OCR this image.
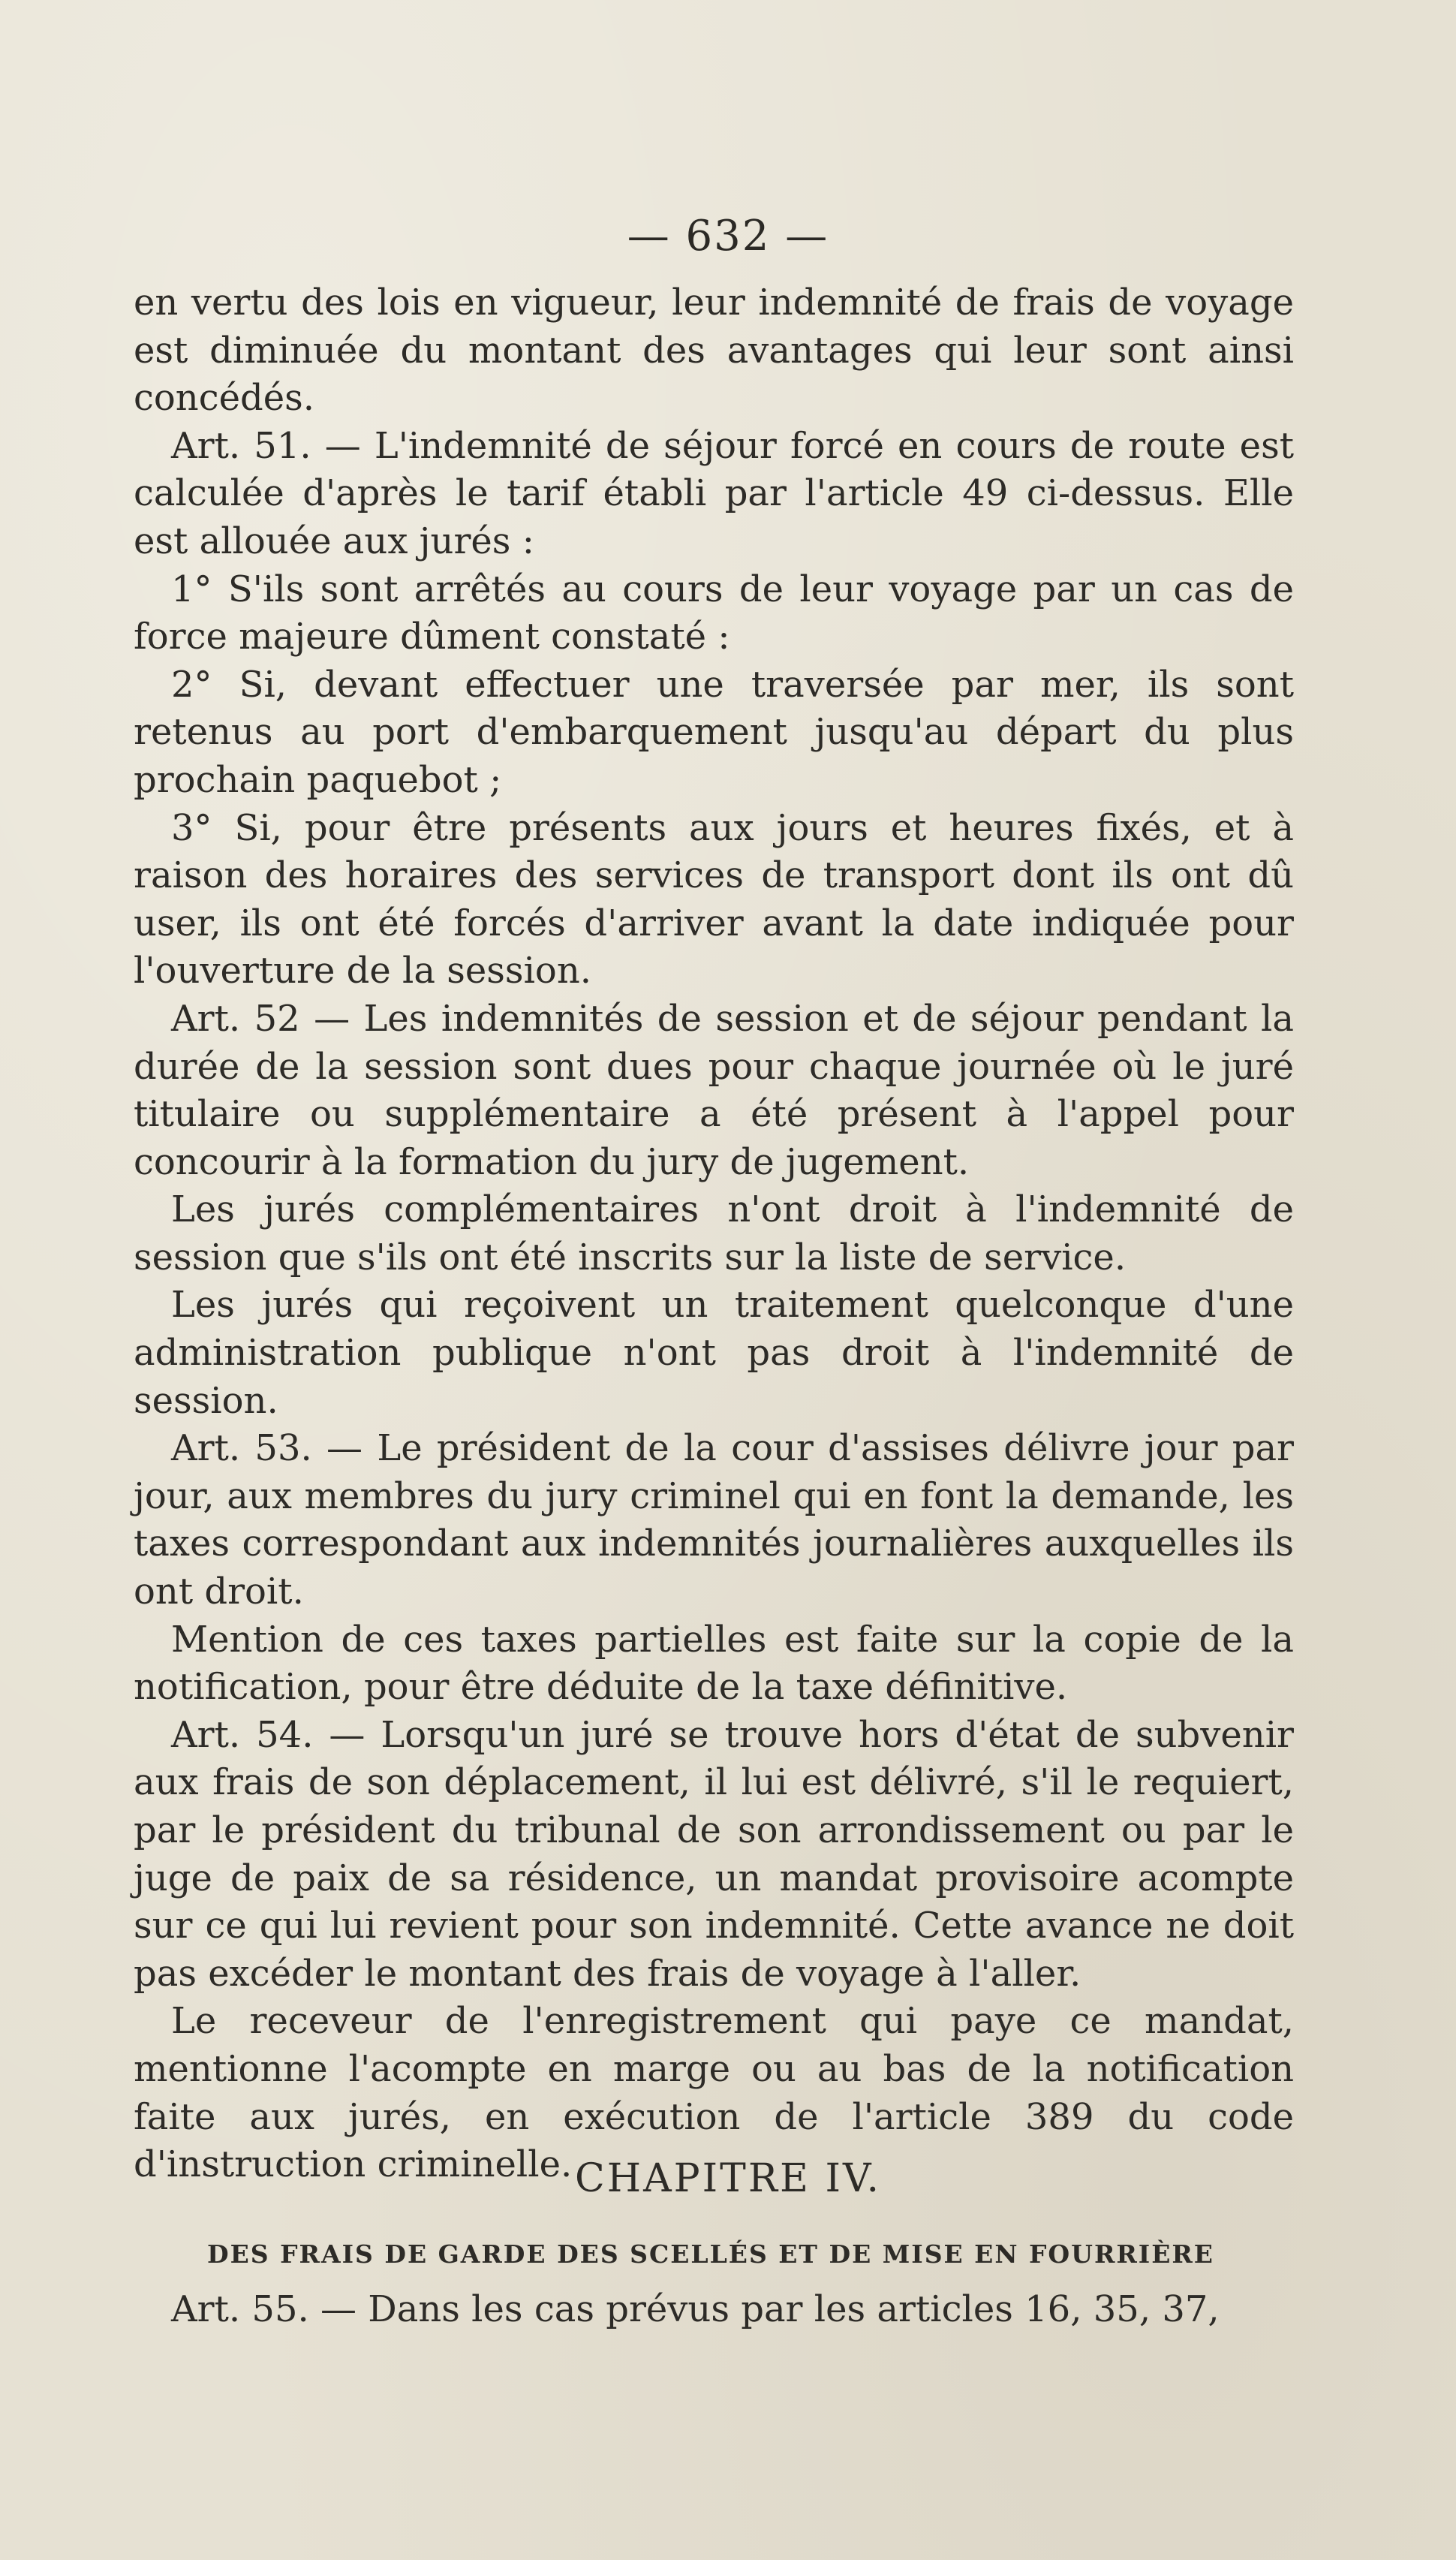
— 632 —

en vertu des lois en vigueur, leur indemnité de frais de voyage est diminuée du montant des avantages qui leur sont ainsi concédés.

Art. 51. — L'indemnité de séjour forcé en cours de route est calculée d'après le tarif établi par l'article 49 ci-dessus. Elle est allouée aux jurés :

1° S'ils sont arrêtés au cours de leur voyage par un cas de force majeure dûment constaté :

2° Si, devant effectuer une traversée par mer, ils sont retenus au port d'embarquement jusqu'au départ du plus prochain paquebot ;

3° Si, pour être présents aux jours et heures fixés, et à raison des horaires des services de transport dont ils ont dû user, ils ont été forcés d'arriver avant la date indiquée pour l'ouverture de la session.

Art. 52 — Les indemnités de session et de séjour pendant la durée de la session sont dues pour chaque journée où le juré titulaire ou supplémentaire a été présent à l'appel pour concourir à la formation du jury de jugement.

Les jurés complémentaires n'ont droit à l'indemnité de session que s'ils ont été inscrits sur la liste de service.

Les jurés qui reçoivent un traitement quelconque d'une administration publique n'ont pas droit à l'indemnité de session.

Art. 53. — Le président de la cour d'assises délivre jour par jour, aux membres du jury criminel qui en font la demande, les taxes correspondant aux indemnités journalières auxquelles ils ont droit.

Mention de ces taxes partielles est faite sur la copie de la notification, pour être déduite de la taxe définitive.

Art. 54. — Lorsqu'un juré se trouve hors d'état de subvenir aux frais de son déplacement, il lui est délivré, s'il le requiert, par le président du tribunal de son arrondissement ou par le juge de paix de sa résidence, un mandat provisoire acompte sur ce qui lui revient pour son indemnité. Cette avance ne doit pas excéder le montant des frais de voyage à l'aller.

Le receveur de l'enregistrement qui paye ce mandat, mentionne l'acompte en marge ou au bas de la notification faite aux jurés, en exécution de l'article 389 du code d'instruction criminelle. CHAPITRE IV.
DES FRAIS DE GARDE DES SCELLÉS ET DE MISE EN FOURRIÈRE
Art. 55. — Dans les cas prévus par les articles 16, 35, 37,
